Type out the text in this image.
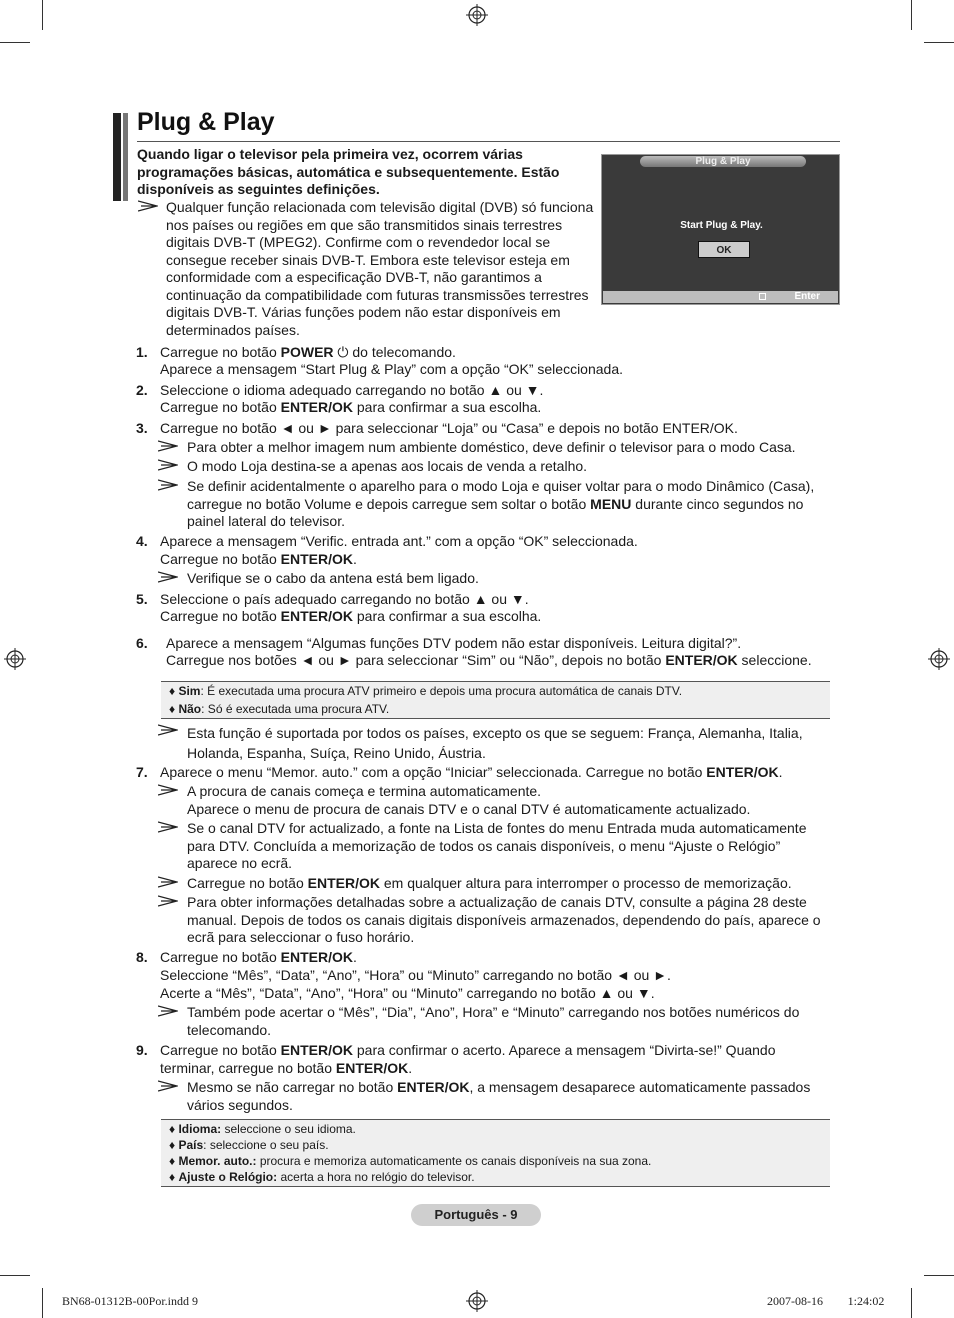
Plug & Play
Quando ligar o televisor pela primeira vez, ocorrem várias programações básicas, automática e subsequentemente. Estão disponíveis as seguintes definições.
Qualquer função relacionada com televisão digital (DVB) só funciona nos países ou regiões em que são transmitidos sinais terrestres digitais DVB-T (MPEG2). Confirme com o revendedor local se consegue receber sinais DVB-T. Embora este televisor esteja em conformidade com a especificação DVB-T, não garantimos a continuação da compatibilidade com futuras transmissões terrestres digitais DVB-T. Várias funções podem não estar disponíveis em determinados países.
Plug & Play
Start Plug & Play.
OK
Enter
1. Carregue no botão POWER ⏻ do telecomando.
Aparece a mensagem “Start Plug & Play” com a opção “OK” seleccionada.
2. Seleccione o idioma adequado carregando no botão ▲ ou ▼.
Carregue no botão ENTER/OK para confirmar a sua escolha.
3. Carregue no botão ◄ ou ► para seleccionar “Loja” ou “Casa” e depois no botão ENTER/OK.
Para obter a melhor imagem num ambiente doméstico, deve definir o televisor para o modo Casa.
O modo Loja destina-se a apenas aos locais de venda a retalho.
Se definir acidentalmente o aparelho para o modo Loja e quiser voltar para o modo Dinâmico (Casa), carregue no botão Volume e depois carregue sem soltar o botão MENU durante cinco segundos no painel lateral do televisor.
4. Aparece a mensagem “Verific. entrada ant.” com a opção “OK” seleccionada.
Carregue no botão ENTER/OK.
Verifique se o cabo da antena está bem ligado.
5. Seleccione o país adequado carregando no botão ▲ ou ▼.
Carregue no botão ENTER/OK para confirmar a sua escolha.
6. Aparece a mensagem “Algumas funções DTV podem não estar disponíveis. Leitura digital?”.
Carregue nos botões ◄ ou ► para seleccionar “Sim” ou “Não”, depois no botão ENTER/OK seleccione.
♦ Sim: É executada uma procura ATV primeiro e depois uma procura automática de canais DTV.
♦ Não: Só é executada uma procura ATV.
Esta função é suportada por todos os países, excepto os que se seguem: França, Alemanha, Italia, Holanda, Espanha, Suíça, Reino Unido, Áustria.
7. Aparece o menu “Memor. auto.” com a opção “Iniciar” seleccionada. Carregue no botão ENTER/OK.
A procura de canais começa e termina automaticamente.
Aparece o menu de procura de canais DTV e o canal DTV é automaticamente actualizado.
Se o canal DTV for actualizado, a fonte na Lista de fontes do menu Entrada muda automaticamente para DTV. Concluída a memorização de todos os canais disponíveis, o menu “Ajuste o Relógio” aparece no ecrã.
Carregue no botão ENTER/OK em qualquer altura para interromper o processo de memorização.
Para obter informações detalhadas sobre a actualização de canais DTV, consulte a página 28 deste manual. Depois de todos os canais digitais disponíveis armazenados, dependendo do país, aparece o ecrã para seleccionar o fuso horário.
8. Carregue no botão ENTER/OK.
Seleccione “Mês”, “Data”, “Ano”, “Hora” ou “Minuto” carregando no botão ◄ ou ►.
Acerte a “Mês”, “Data”, “Ano”, “Hora” ou “Minuto” carregando no botão ▲ ou ▼.
Também pode acertar o “Mês”, “Dia”, “Ano”, Hora” e “Minuto” carregando nos botões numéricos do telecomando.
9. Carregue no botão ENTER/OK para confirmar o acerto. Aparece a mensagem “Divirta-se!” Quando terminar, carregue no botão ENTER/OK.
Mesmo se não carregar no botão ENTER/OK, a mensagem desaparece automaticamente passados vários segundos.
♦ Idioma: seleccione o seu idioma.
♦ País: seleccione o seu país.
♦ Memor. auto.: procura e memoriza automaticamente os canais disponíveis na sua zona.
♦ Ajuste o Relógio: acerta a hora no relógio do televisor.
Português - 9
BN68-01312B-00Por.indd 9	2007-08-16 ￿￿ 1:24:02
